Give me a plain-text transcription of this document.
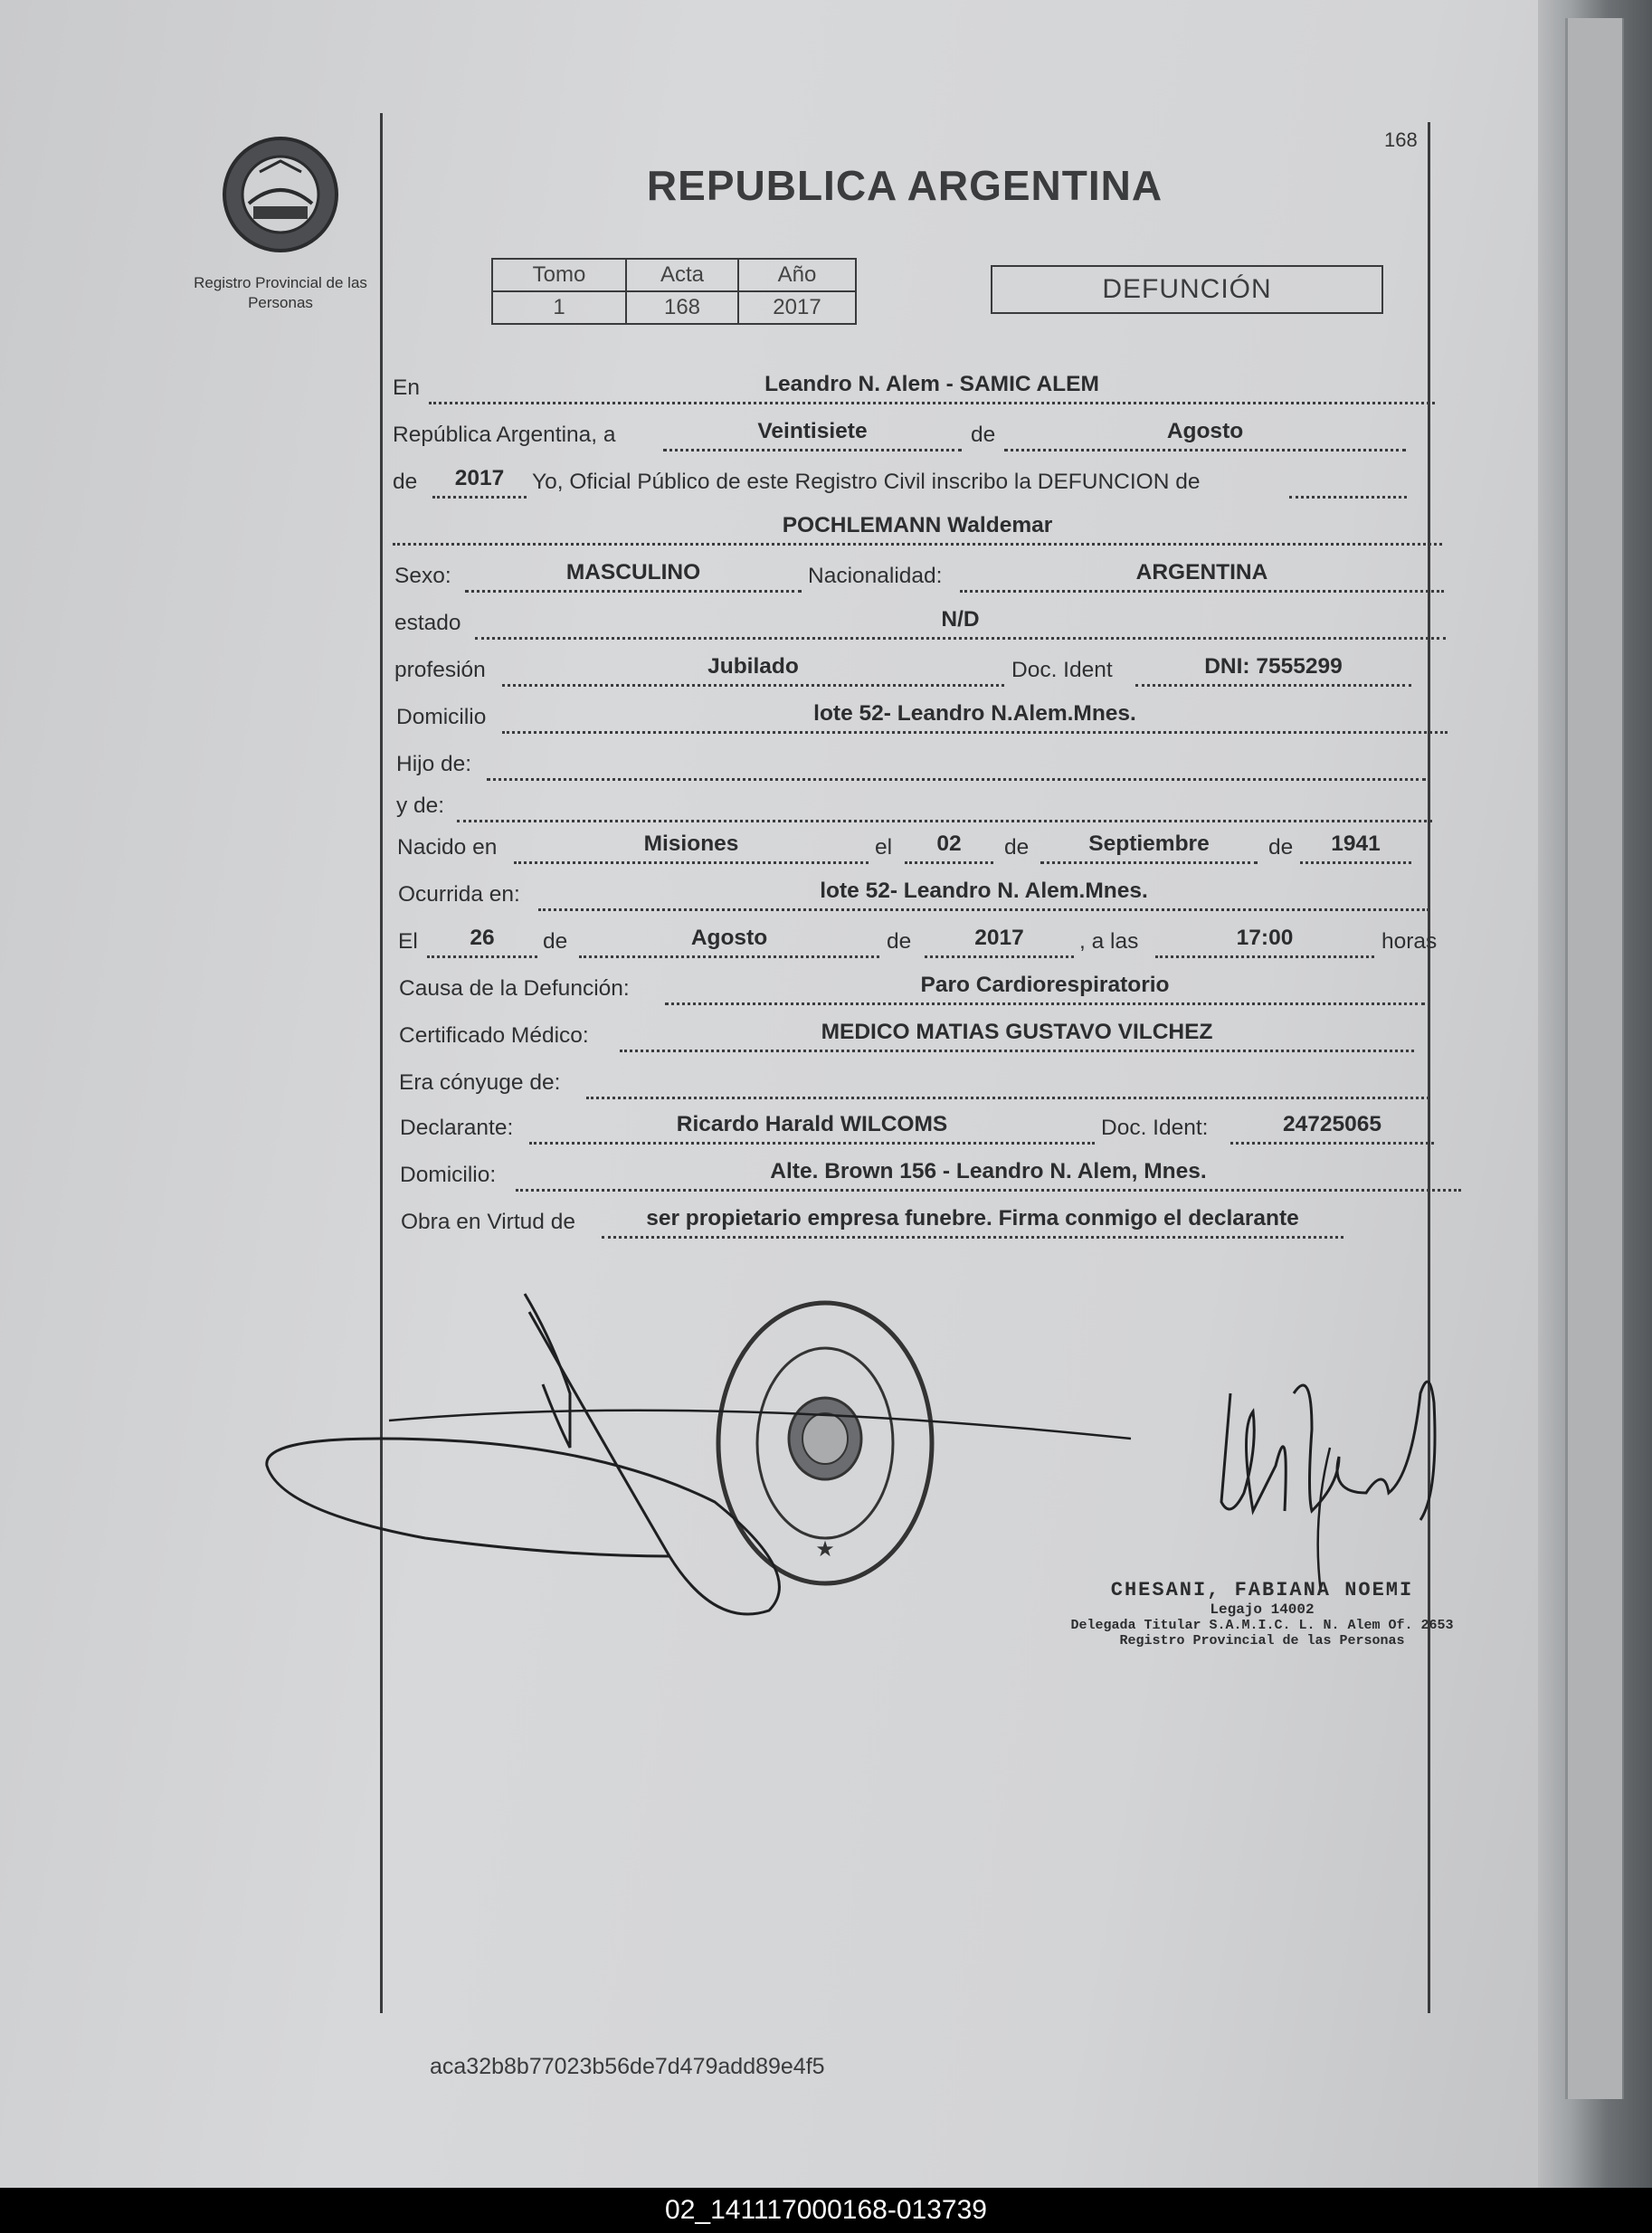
Registro Provincial de las Personas
168
REPUBLICA ARGENTINA
Tomo	Acta	Año
1	168	2017
DEFUNCIÓN
En	Leandro N. Alem - SAMIC ALEM
República Argentina, a	Veintisiete	de	Agosto
de	2017	Yo, Oficial Público de este Registro Civil inscribo la DEFUNCION de
POCHLEMANN Waldemar
Sexo:	MASCULINO	Nacionalidad:	ARGENTINA
estado	N/D
profesión	Jubilado	Doc. Ident	DNI: 7555299
Domicilio	lote 52- Leandro N.Alem.Mnes.
Hijo de:
y de:
Nacido en	Misiones	el	02	de	Septiembre	de	1941
Ocurrida en:	lote 52- Leandro N. Alem.Mnes.
El	26	de	Agosto	de	2017	, a las	17:00	horas
Causa de la Defunción:	Paro Cardiorespiratorio
Certificado Médico:	MEDICO MATIAS GUSTAVO VILCHEZ
Era cónyuge de:
Declarante:	Ricardo Harald WILCOMS	Doc. Ident:	24725065
Domicilio:	Alte. Brown 156 - Leandro N. Alem, Mnes.
Obra en Virtud de	ser propietario empresa funebre. Firma conmigo el declarante
★
CHESANI, FABIANA NOEMI
Legajo 14002
Delegada Titular S.A.M.I.C. L. N. Alem Of. 2653
Registro Provincial de las Personas
aca32b8b77023b56de7d479add89e4f5
02_141117000168-013739
